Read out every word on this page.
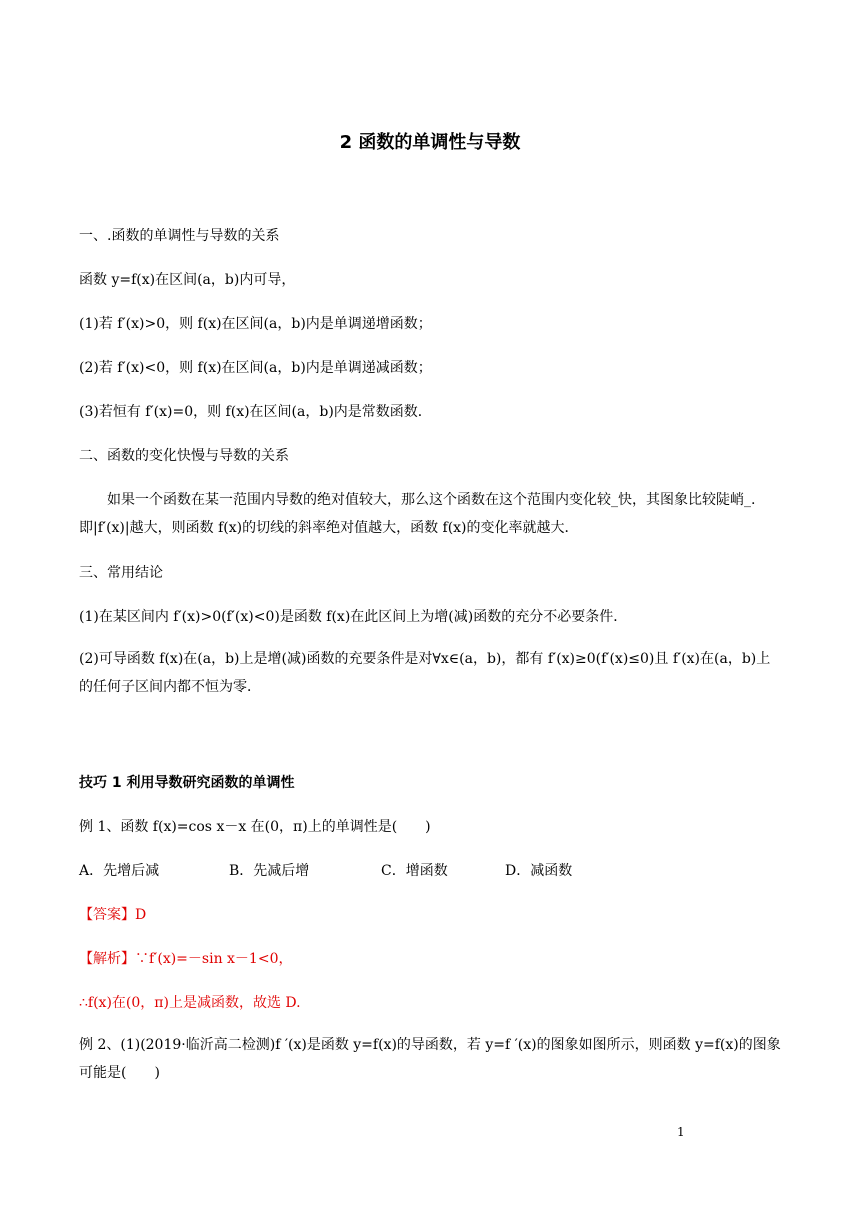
2 函数的单调性与导数
一、.函数的单调性与导数的关系
函数 y=f(x)在区间(a，b)内可导，
(1)若 f′(x)>0，则 f(x)在区间(a，b)内是单调递增函数；
(2)若 f′(x)<0，则 f(x)在区间(a，b)内是单调递减函数；
(3)若恒有 f′(x)=0，则 f(x)在区间(a，b)内是常数函数．
二、函数的变化快慢与导数的关系
如果一个函数在某一范围内导数的绝对值较大，那么这个函数在这个范围内变化较_快，其图象比较陡峭_.即|f′(x)|越大，则函数 f(x)的切线的斜率绝对值越大，函数 f(x)的变化率就越大．
三、常用结论
(1)在某区间内 f′(x)>0(f′(x)<0)是函数 f(x)在此区间上为增(减)函数的充分不必要条件．
(2)可导函数 f(x)在(a，b)上是增(减)函数的充要条件是对∀x∈(a，b)，都有 f′(x)≥0(f′(x)≤0)且 f′(x)在(a，b)上的任何子区间内都不恒为零．
技巧 1 利用导数研究函数的单调性
例 1、函数 f(x)=cos x－x 在(0，π)上的单调性是(　　)
A．先增后减	B．先减后增	C．增函数	D．减函数
【答案】D
【解析】∵f′(x)=－sin x－1<0，
∴f(x)在(0，π)上是减函数，故选 D.
例 2、(1)(2019·临沂高二检测)f ′(x)是函数 y=f(x)的导函数，若 y=f ′(x)的图象如图所示，则函数 y=f(x)的图象可能是(　　)
1
